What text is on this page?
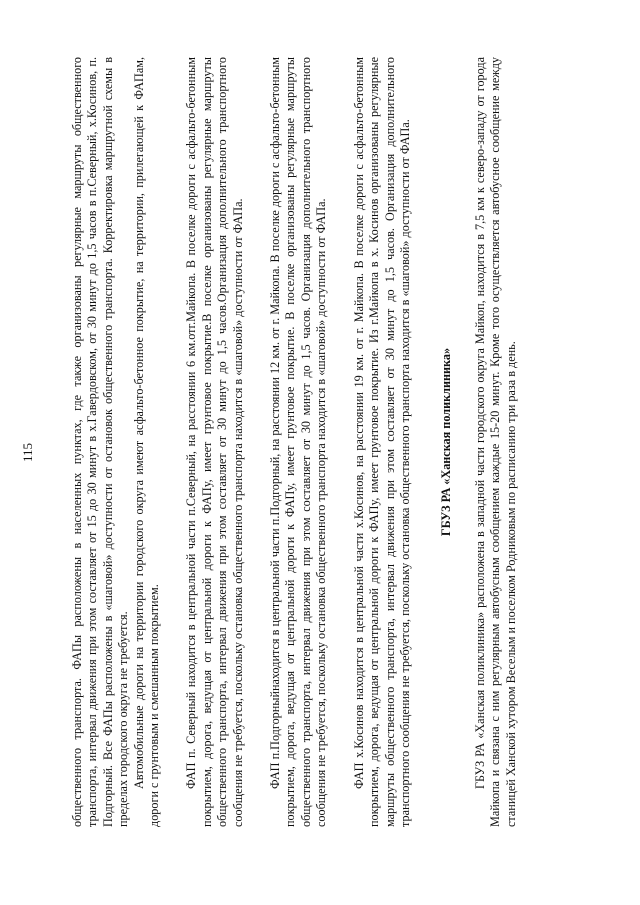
115	общественного транспорта. ФАПы расположены в населенных пунктах, где также организованы регулярные маршруты общественного транспорта, интервал движения при этом составляет от 15 до 30 минут в х.Гавердовском, от 30 минут до 1,5 часов в п.Северный, х.Косинов, п. Подгорный. Все ФАПы расположены в «шаговой» доступности от остановок общественного транспорта. Корректировка маршрутной схемы в пределах городского округа не требуется. Автомобильные дороги на территории городского округа имеют асфальто-бетонное покрытие, на территории, прилегающей к ФАПам, дороги с грунтовым и смешанным покрытием. ФАП п. Северный находится в центральной части п.Северный, на расстоянии 6 км.отг.Майкопа. В поселке дороги с асфальто-бетонным покрытием, дорога, ведущая от центральной дороги к ФАПу, имеет грунтовое покрытие.В поселке организованы регулярные маршруты общественного транспорта, интервал движения при этом составляет от 30 минут до 1,5 часов.Организация дополнительного транспортного сообщения не требуется, поскольку остановка общественного транспорта находится в «шаговой» доступности от ФАПа. ФАП п.Подгорныйнаходится в центральной части п.Подгорный, на расстоянии 12 км. от г. Майкопа. В поселке дороги с асфальто-бетонным покрытием, дорога, ведущая от центральной дороги к ФАПу, имеет грунтовое покрытие. В поселке организованы регулярные маршруты общественного транспорта, интервал движения при этом составляет от 30 минут до 1,5 часов. Организация дополнительного транспортного сообщения не требуется, поскольку остановка общественного транспорта находится в «шаговой» доступности от ФАПа. ФАП х.Косинов находится в центральной части х.Косинов, на расстоянии 19 км. от г. Майкопа. В поселке дороги с асфальто-бетонным покрытием, дорога, ведущая от центральной дороги к ФАПу, имеет грунтовое покрытие. Из г.Майкопа в х. Косинов организованы регулярные маршруты общественного транспорта, интервал движения при этом составляет от 30 минут до 1,5 часов. Организация дополнительного транспортного сообщения не требуется, поскольку остановка общественного транспорта находится в «шаговой» доступности от ФАПа. ГБУЗ РА «Ханская поликлиника» ГБУЗ РА «Ханская поликлиника» расположена в западной части городского округа Майкоп, находится в 7,5 км к северо-западу от города Майкопа и связана с ним регулярным автобусным сообщением каждые 15-20 минут. Кроме того осуществляется автобусное сообщение между станицей Ханской хутором Веселым и поселком Родниковым по расписанию три раза в день.
